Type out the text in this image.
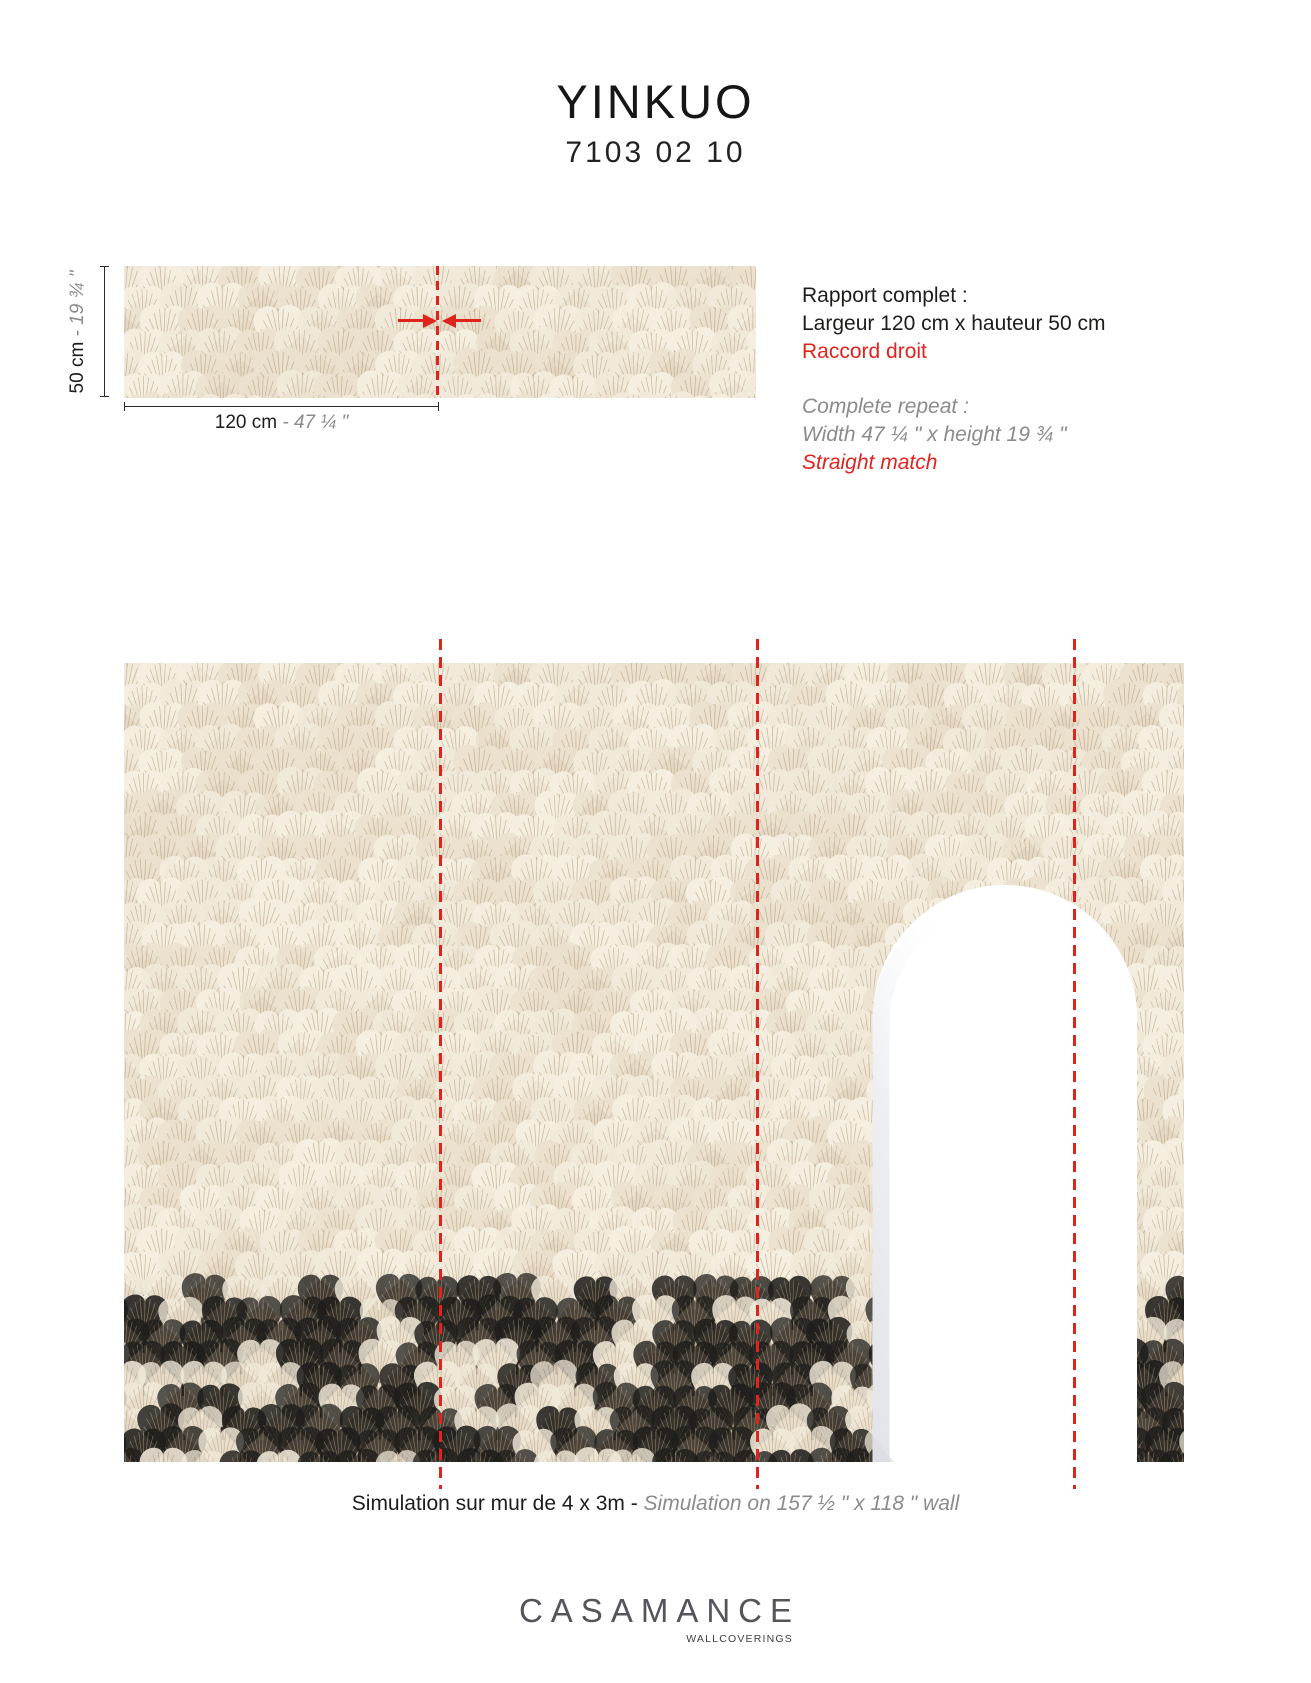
YINKUO
7103 02 10
50 cm - 19 ¾ "
120 cm - 47 ¼ "
Rapport complet :
Largeur 120 cm x hauteur 50 cm
Raccord droit
Complete repeat :
Width 47 ¼ " x height 19 ¾ "
Straight match
Simulation sur mur de 4 x 3m - Simulation on 157 ½ " x 118 " wall
CASAMANCE
WALLCOVERINGS
